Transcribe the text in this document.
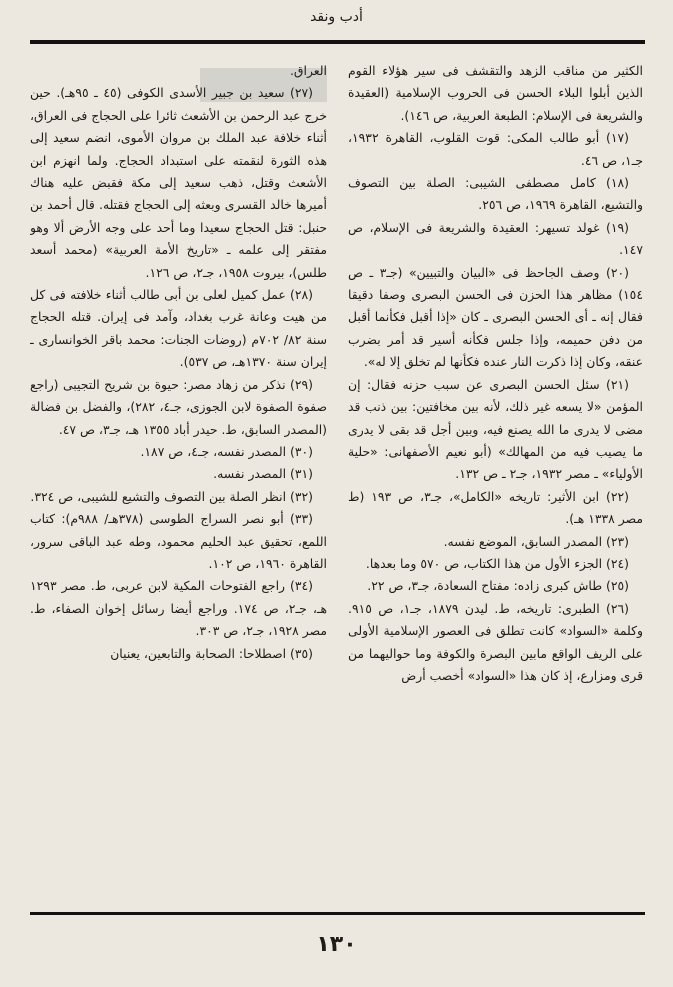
أدب ونقد

الكثير من مناقب الزهد والتقشف فى سير هؤلاء القوم الذين أبلوا البلاء الحسن فى الحروب الإسلامية (العقيدة والشريعة فى الإسلام: الطبعة العربية، ص ١٤٦).

(١٧) أبو طالب المكى: قوت القلوب، القاهرة ١٩٣٢، جـ١، ص ٤٦.

(١٨) كامل مصطفى الشيبى: الصلة بين التصوف والتشيع، القاهرة ١٩٦٩، ص ٢٥٦.

(١٩) غولد تسيهر: العقيدة والشريعة فى الإسلام، ص ١٤٧.

(٢٠) وصف الجاحظ فى «البيان والتبيين» (جـ٣ ـ ص ١٥٤) مظاهر هذا الحزن فى الحسن البصرى وصفا دقيقا فقال إنه ـ أى الحسن البصرى ـ كان «إذا أقبل فكأنما أقبل من دفن حميمه، وإذا جلس فكأنه أسير قد أمر بضرب عنقه، وكان إذا ذكرت النار عنده فكأنها لم تخلق إلا له».

(٢١) سئل الحسن البصرى عن سبب حزنه فقال: إن المؤمن «لا يسعه غير ذلك، لأنه بين مخافتين: بين ذنب قد مضى لا يدرى ما الله يصنع فيه، وبين أجل قد بقى لا يدرى ما يصيب فيه من المهالك» (أبو نعيم الأصفهانى: «حلية الأولياء» ـ مصر ١٩٣٢، جـ٢ ـ ص ١٣٢.

(٢٢) ابن الأثير: تاريخه «الكامل»، جـ٣، ص ١٩٣ (ط مصر ١٣٣٨ هـ).

(٢٣) المصدر السابق، الموضع نفسه.

(٢٤) الجزء الأول من هذا الكتاب، ص ٥٧٠ وما بعدها.

(٢٥) طاش كبرى زاده: مفتاح السعادة، جـ٣، ص ٢٢.

(٢٦) الطبرى: تاريخه، ط. ليدن ١٨٧٩، جـ١، ص ٩١٥. وكلمة «السواد» كانت تطلق فى العصور الإسلامية الأولى على الريف الواقع مابين البصرة والكوفة وما حواليهما من قرى ومزارع، إذ كان هذا «السواد» أخصب أرض

العراق.

(٢٧) سعيد بن جبير الأسدى الكوفى (٤٥ ـ ٩٥هـ). حين خرج عبد الرحمن بن الأشعث ثائرا على الحجاج فى العراق، أثناء خلافة عبد الملك بن مروان الأموى، انضم سعيد إلى هذه الثورة لنقمته على استبداد الحجاج. ولما انهزم ابن الأشعث وقتل، ذهب سعيد إلى مكة فقبض عليه هناك أميرها خالد القسرى وبعثه إلى الحجاج فقتله. قال أحمد بن حنبل: قتل الحجاج سعيدا وما أحد على وجه الأرض ألا وهو مفتقر إلى علمه ـ «تاريخ الأمة العربية» (محمد أسعد طلس)، بيروت ١٩٥٨، جـ٢، ص ١٢٦.

(٢٨) عمل كميل لعلى بن أبى طالب أثناء خلافته فى كل من هيت وعانة غرب بغداد، وآمد فى إيران. قتله الحجاج سنة ٨٢/ ٧٠٢م (روضات الجنات: محمد باقر الخوانسارى ـ إيران سنة ١٣٧٠هـ، ص ٥٣٧).

(٢٩) نذكر من زهاد مصر: حيوة بن شريح التجيبى (راجع صفوة الصفوة لابن الجوزى، جـ٤، ٢٨٢)، والفضل بن فضالة (المصدر السابق، ط. حيدر أباد ١٣٥٥ هـ، جـ٣، ص ٤٧.

(٣٠) المصدر نفسه، جـ٤، ص ١٨٧.

(٣١) المصدر نفسه.

(٣٢) انظر الصلة بين التصوف والتشيع للشيبى، ص ٣٢٤.

(٣٣) أبو نصر السراج الطوسى (٣٧٨هـ/ ٩٨٨م): كتاب اللمع، تحقيق عبد الحليم محمود، وطه عبد الباقى سرور، القاهرة ١٩٦٠، ص ١٠٢.

(٣٤) راجع الفتوحات المكية لابن عربى، ط. مصر ١٢٩٣ هـ، جـ٢، ص ١٧٤. وراجع أيضا رسائل إخوان الصفاء، ط. مصر ١٩٢٨، جـ٢، ص ٣٠٣.

(٣٥) اصطلاحا: الصحابة والتابعين، يعنيان

١٣٠
